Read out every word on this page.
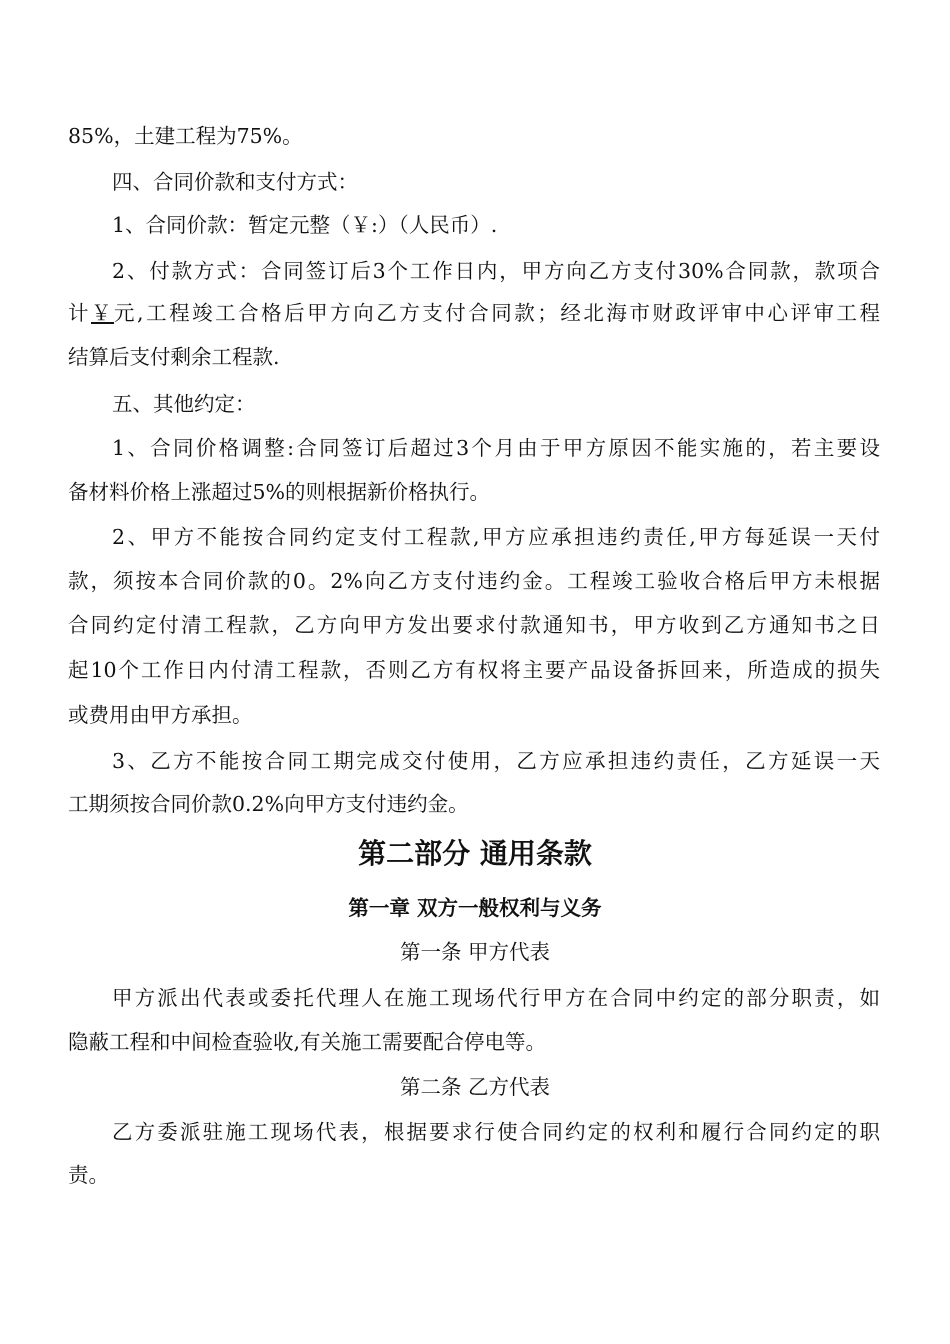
85%，土建工程为75%。
四、合同价款和支付方式：
1、合同价款：暂定元整（￥:）（人民币）.
2、付款方式：合同签订后3个工作日内，甲方向乙方支付30%合同款，款项合
计￥元,工程竣工合格后甲方向乙方支付合同款；经北海市财政评审中心评审工程
结算后支付剩余工程款.
五、其他约定：
1、合同价格调整:合同签订后超过3个月由于甲方原因不能实施的，若主要设
备材料价格上涨超过5%的则根据新价格执行。
2、甲方不能按合同约定支付工程款,甲方应承担违约责任,甲方每延误一天付
款，须按本合同价款的0。2%向乙方支付违约金。工程竣工验收合格后甲方未根据
合同约定付清工程款，乙方向甲方发出要求付款通知书，甲方收到乙方通知书之日
起10个工作日内付清工程款，否则乙方有权将主要产品设备拆回来，所造成的损失
或费用由甲方承担。
3、乙方不能按合同工期完成交付使用，乙方应承担违约责任，乙方延误一天
工期须按合同价款0.2%向甲方支付违约金。
第二部分 通用条款
第一章 双方一般权利与义务
第一条 甲方代表
甲方派出代表或委托代理人在施工现场代行甲方在合同中约定的部分职责，如
隐蔽工程和中间检查验收,有关施工需要配合停电等。
第二条 乙方代表
乙方委派驻施工现场代表，根据要求行使合同约定的权利和履行合同约定的职
责。
